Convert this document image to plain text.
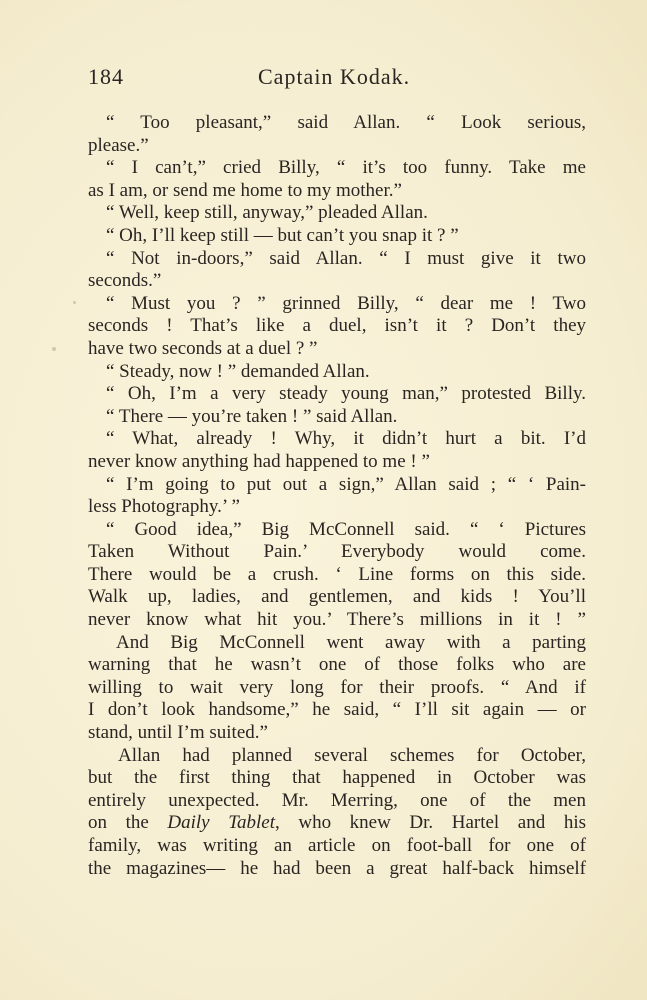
184	Captain Kodak.
“ Too pleasant,” said Allan. “ Look serious,
please.”
“ I can’t,” cried Billy, “ it’s too funny. Take me
as I am, or send me home to my mother.”
“ Well, keep still, anyway,” pleaded Allan.
“ Oh, I’ll keep still — but can’t you snap it ? ”
“ Not in-doors,” said Allan. “ I must give it two
seconds.”
“ Must you ? ” grinned Billy, “ dear me ! Two
seconds ! That’s like a duel, isn’t it ? Don’t they
have two seconds at a duel ? ”
“ Steady, now ! ” demanded Allan.
“ Oh, I’m a very steady young man,” protested Billy.
“ There — you’re taken ! ” said Allan.
“ What, already ! Why, it didn’t hurt a bit. I’d
never know anything had happened to me ! ”
“ I’m going to put out a sign,” Allan said ; “ ‘ Pain-
less Photography.’ ”
“ Good idea,” Big McConnell said. “ ‘ Pictures
Taken Without Pain.’ Everybody would come.
There would be a crush. ‘ Line forms on this side.
Walk up, ladies, and gentlemen, and kids ! You’ll
never know what hit you.’ There’s millions in it ! ”
And Big McConnell went away with a parting
warning that he wasn’t one of those folks who are
willing to wait very long for their proofs. “ And if
I don’t look handsome,” he said, “ I’ll sit again — or
stand, until I’m suited.”
Allan had planned several schemes for October,
but the first thing that happened in October was
entirely unexpected. Mr. Merring, one of the men
on the Daily Tablet, who knew Dr. Hartel and his
family, was writing an article on foot-ball for one of
the magazines— he had been a great half-back himself
